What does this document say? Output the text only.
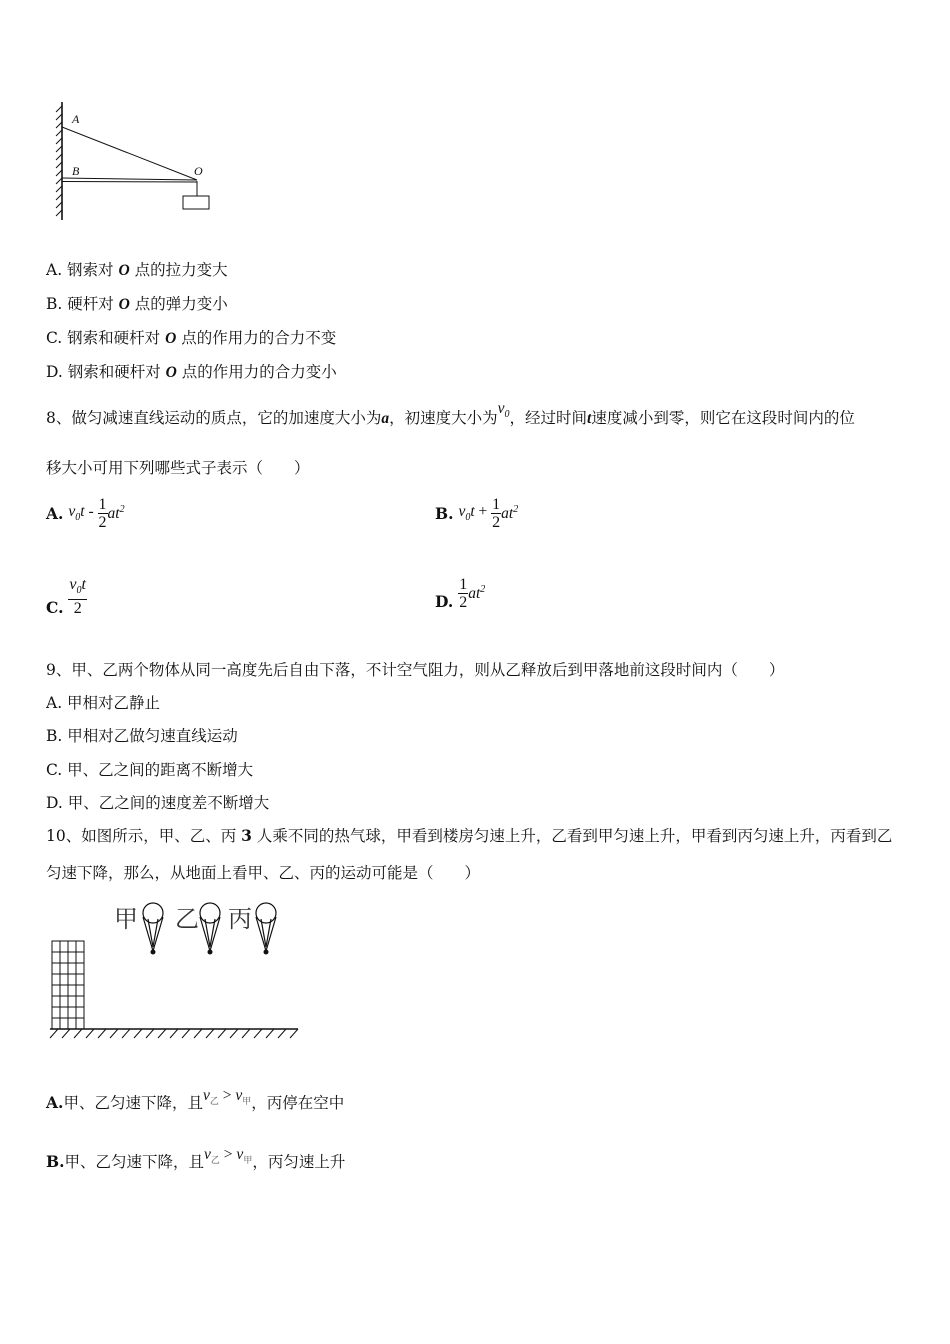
A
B	O
A. 钢索对 O 点的拉力变大
B. 硬杆对 O 点的弹力变小
C. 钢索和硬杆对 O 点的作用力的合力不变
D. 钢索和硬杆对 O 点的作用力的合力变小
8、做匀减速直线运动的质点，它的加速度大小为a，初速度大小为$v_0$，经过时间t速度减小到零，则它在这段时间内的位
移大小可用下列哪些式子表示（　　）
A. $v_0t - \frac{1}{2} at^2$	B. $v_0t + \frac{1}{2} at^2$
C. $\frac{v_0t}{2}$	D. $\frac{1}{2} at^2$
9、甲、乙两个物体从同一高度先后自由下落，不计空气阻力，则从乙释放后到甲落地前这段时间内（　　）
A. 甲相对乙静止
B. 甲相对乙做匀速直线运动
C. 甲、乙之间的距离不断增大
D. 甲、乙之间的速度差不断增大
10、如图所示，甲、乙、丙 3 人乘不同的热气球，甲看到楼房匀速上升，乙看到甲匀速上升，甲看到丙匀速上升，丙看到乙
匀速下降，那么，从地面上看甲、乙、丙的运动可能是（　　）
甲 乙 丙
A.甲、乙匀速下降，且$v_乙 > v_甲$，丙停在空中
B.甲、乙匀速下降，且$v_乙 > v_甲$，丙匀速上升
